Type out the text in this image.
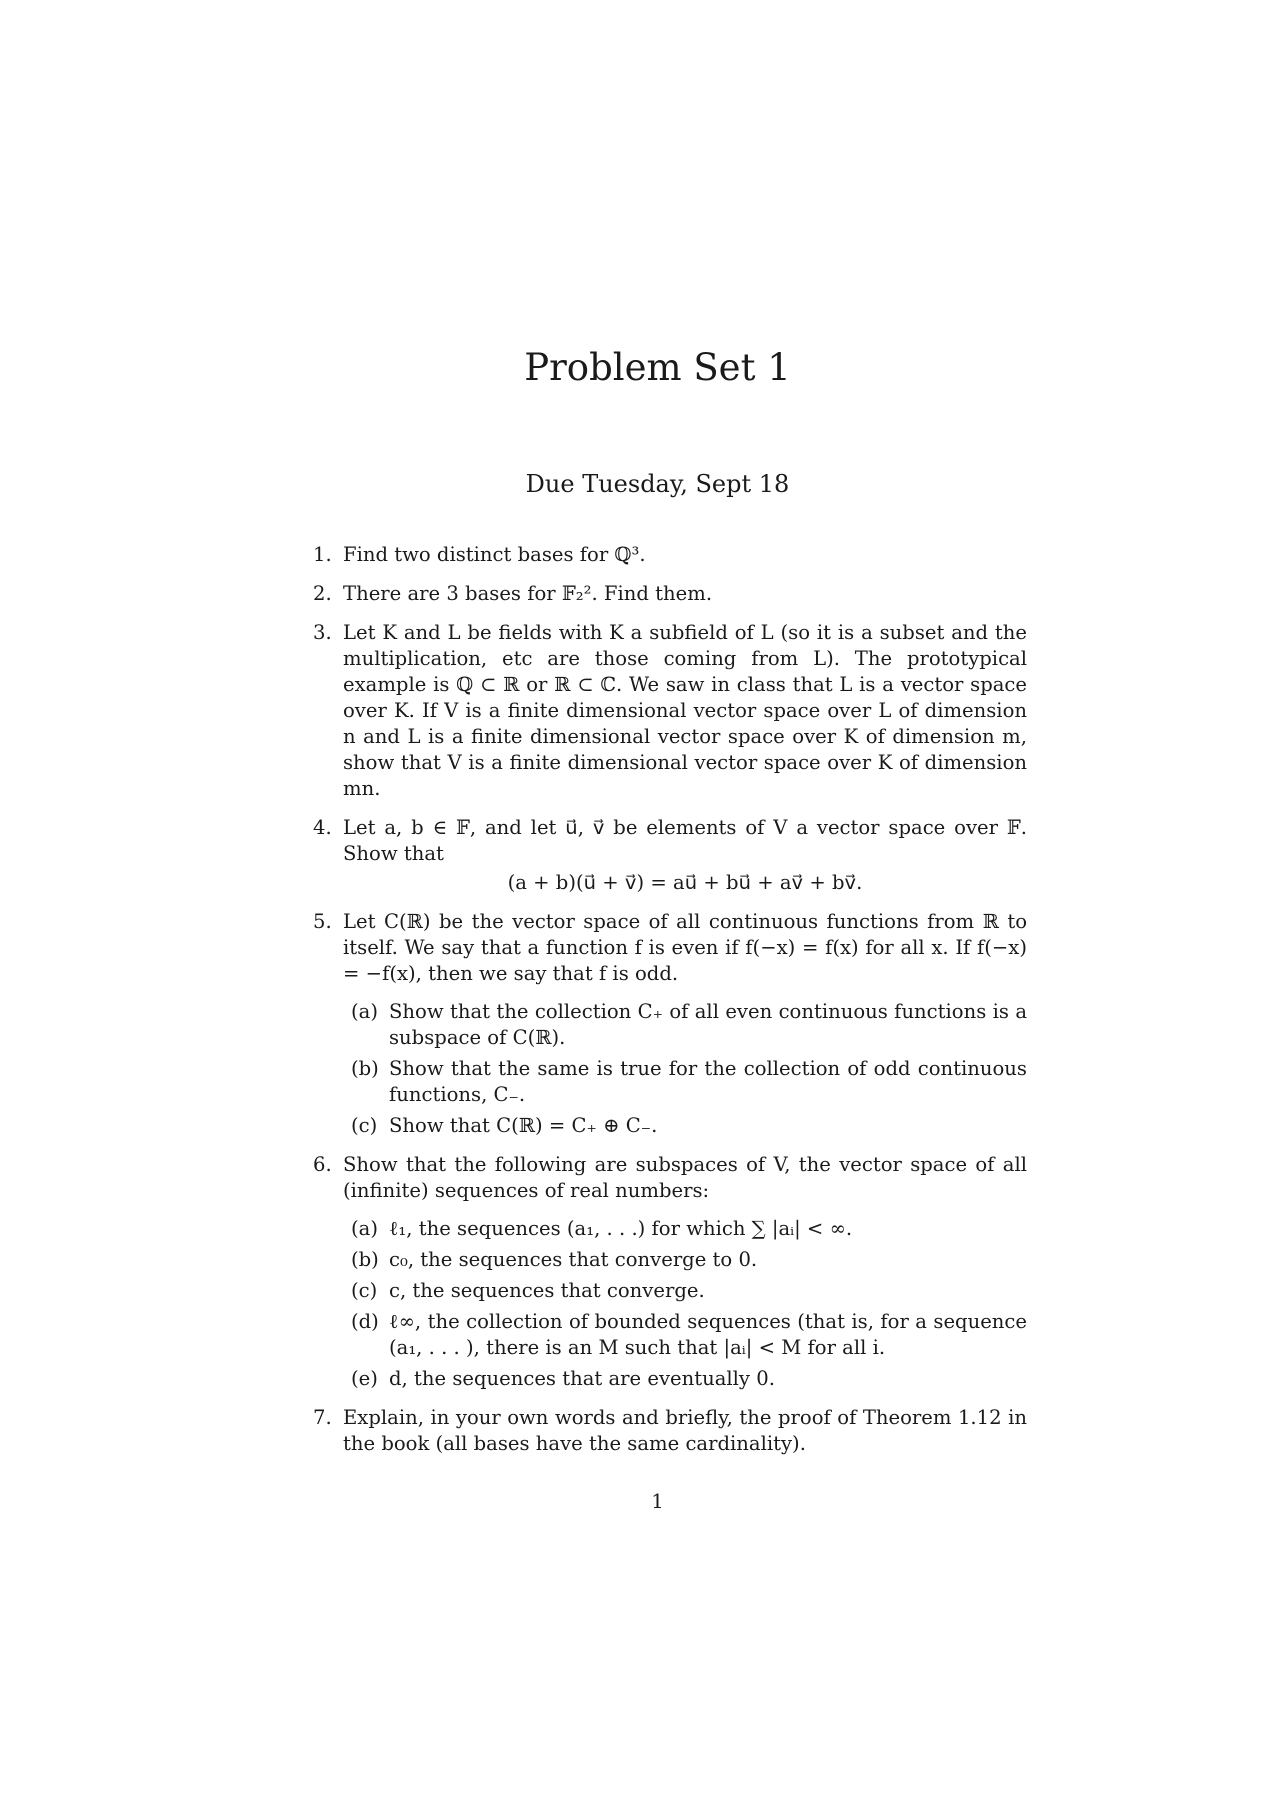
Problem Set 1
Due Tuesday, Sept 18
1. Find two distinct bases for ℚ³.
2. There are 3 bases for 𝔽₂². Find them.
3. Let K and L be fields with K a subfield of L (so it is a subset and the multiplication, etc are those coming from L). The prototypical example is ℚ ⊂ ℝ or ℝ ⊂ ℂ. We saw in class that L is a vector space over K. If V is a finite dimensional vector space over L of dimension n and L is a finite dimensional vector space over K of dimension m, show that V is a finite dimensional vector space over K of dimension mn.
4. Let a, b ∈ 𝔽, and let u⃗, v⃗ be elements of V a vector space over 𝔽. Show that
(a + b)(u⃗ + v⃗) = au⃗ + bu⃗ + av⃗ + bv⃗.
5. Let C(ℝ) be the vector space of all continuous functions from ℝ to itself. We say that a function f is even if f(−x) = f(x) for all x. If f(−x) = −f(x), then we say that f is odd.
(a) Show that the collection C₊ of all even continuous functions is a subspace of C(ℝ).
(b) Show that the same is true for the collection of odd continuous functions, C₋.
(c) Show that C(ℝ) = C₊ ⊕ C₋.
6. Show that the following are subspaces of V, the vector space of all (infinite) sequences of real numbers:
(a) ℓ₁, the sequences (a₁, . . .) for which ∑ |aᵢ| < ∞.
(b) c₀, the sequences that converge to 0.
(c) c, the sequences that converge.
(d) ℓ∞, the collection of bounded sequences (that is, for a sequence (a₁, . . . ), there is an M such that |aᵢ| < M for all i.
(e) d, the sequences that are eventually 0.
7. Explain, in your own words and briefly, the proof of Theorem 1.12 in the book (all bases have the same cardinality).
1
